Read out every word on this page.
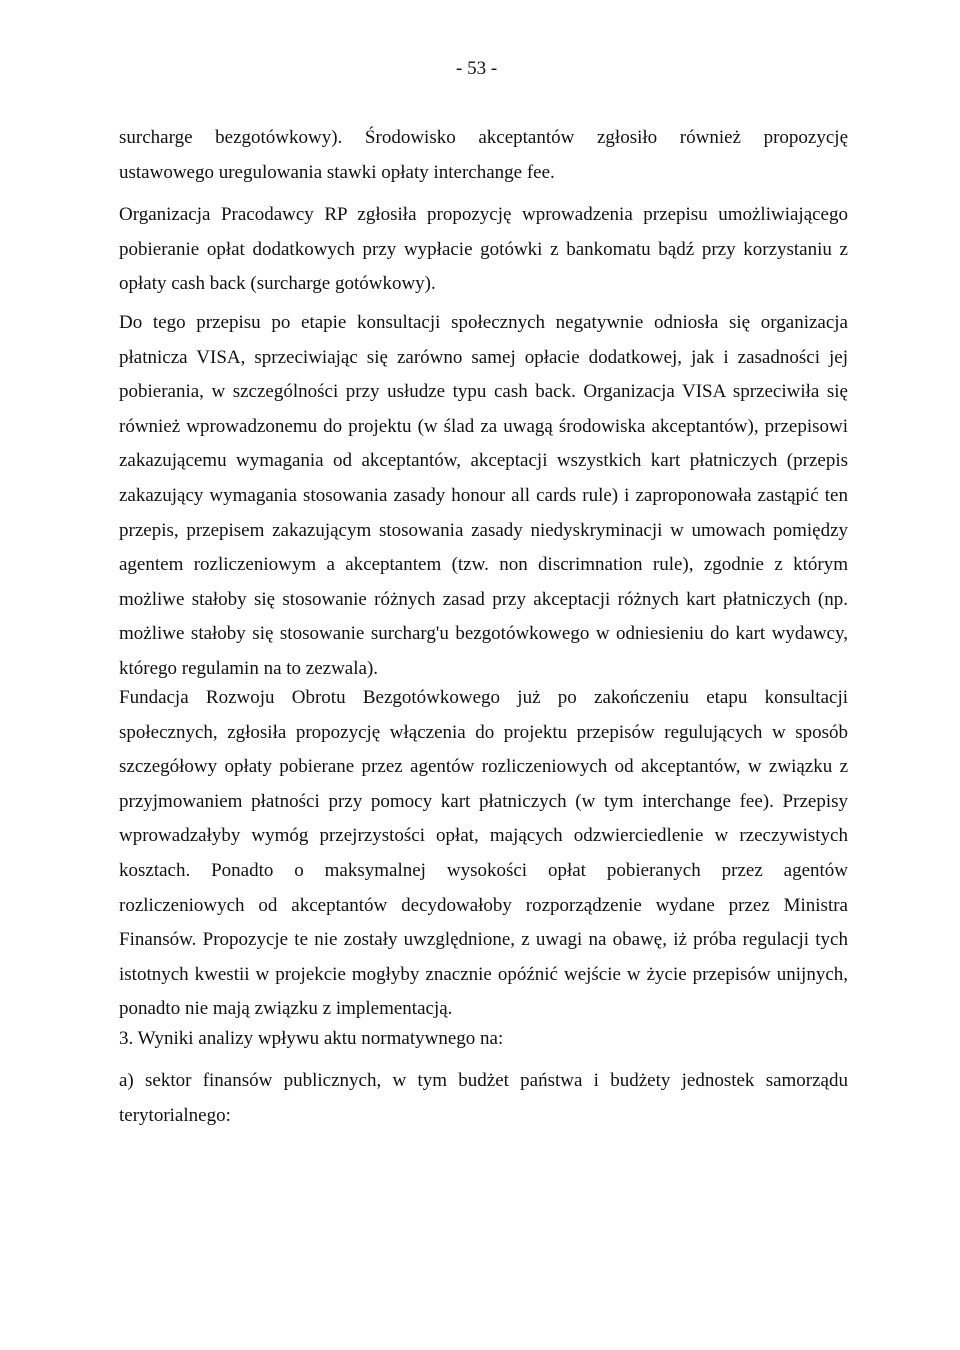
- 53 -
surcharge bezgotówkowy). Środowisko akceptantów zgłosiło również propozycję
ustawowego uregulowania stawki opłaty interchange fee.
Organizacja Pracodawcy RP zgłosiła propozycję wprowadzenia przepisu umożliwiającego
pobieranie opłat dodatkowych przy wypłacie gotówki z bankomatu bądź przy korzystaniu z
opłaty cash back (surcharge gotówkowy).
Do tego przepisu po etapie konsultacji społecznych negatywnie odniosła się organizacja
płatnicza VISA, sprzeciwiając się zarówno samej opłacie dodatkowej, jak i zasadności jej
pobierania, w szczególności przy usłudze typu cash back. Organizacja VISA sprzeciwiła się
również wprowadzonemu do projektu (w ślad za uwagą środowiska akceptantów), przepisowi
zakazującemu wymagania od akceptantów, akceptacji wszystkich kart płatniczych (przepis
zakazujący wymagania stosowania zasady honour all cards rule) i zaproponowała zastąpić ten
przepis, przepisem zakazującym stosowania zasady niedyskryminacji w umowach pomiędzy
agentem rozliczeniowym a akceptantem (tzw. non discrimnation rule), zgodnie z którym
możliwe stałoby się stosowanie różnych zasad przy akceptacji różnych kart płatniczych (np.
możliwe stałoby się stosowanie surcharg'u bezgotówkowego w odniesieniu do kart wydawcy,
którego regulamin na to zezwala).
Fundacja Rozwoju Obrotu Bezgotówkowego już po zakończeniu etapu konsultacji
społecznych, zgłosiła propozycję włączenia do projektu przepisów regulujących w sposób
szczegółowy opłaty pobierane przez agentów rozliczeniowych od akceptantów, w związku z
przyjmowaniem płatności przy pomocy kart płatniczych (w tym interchange fee). Przepisy
wprowadzałyby wymóg przejrzystości opłat, mających odzwierciedlenie w rzeczywistych
kosztach. Ponadto o maksymalnej wysokości opłat pobieranych przez agentów
rozliczeniowych od akceptantów decydowałoby rozporządzenie wydane przez Ministra
Finansów. Propozycje te nie zostały uwzględnione, z uwagi na obawę, iż próba regulacji tych
istotnych kwestii w projekcie mogłyby znacznie opóźnić wejście w życie przepisów unijnych,
ponadto nie mają związku z implementacją.
3. Wyniki analizy wpływu aktu normatywnego na:
a) sektor finansów publicznych, w tym budżet państwa i budżety jednostek samorządu
terytorialnego:
